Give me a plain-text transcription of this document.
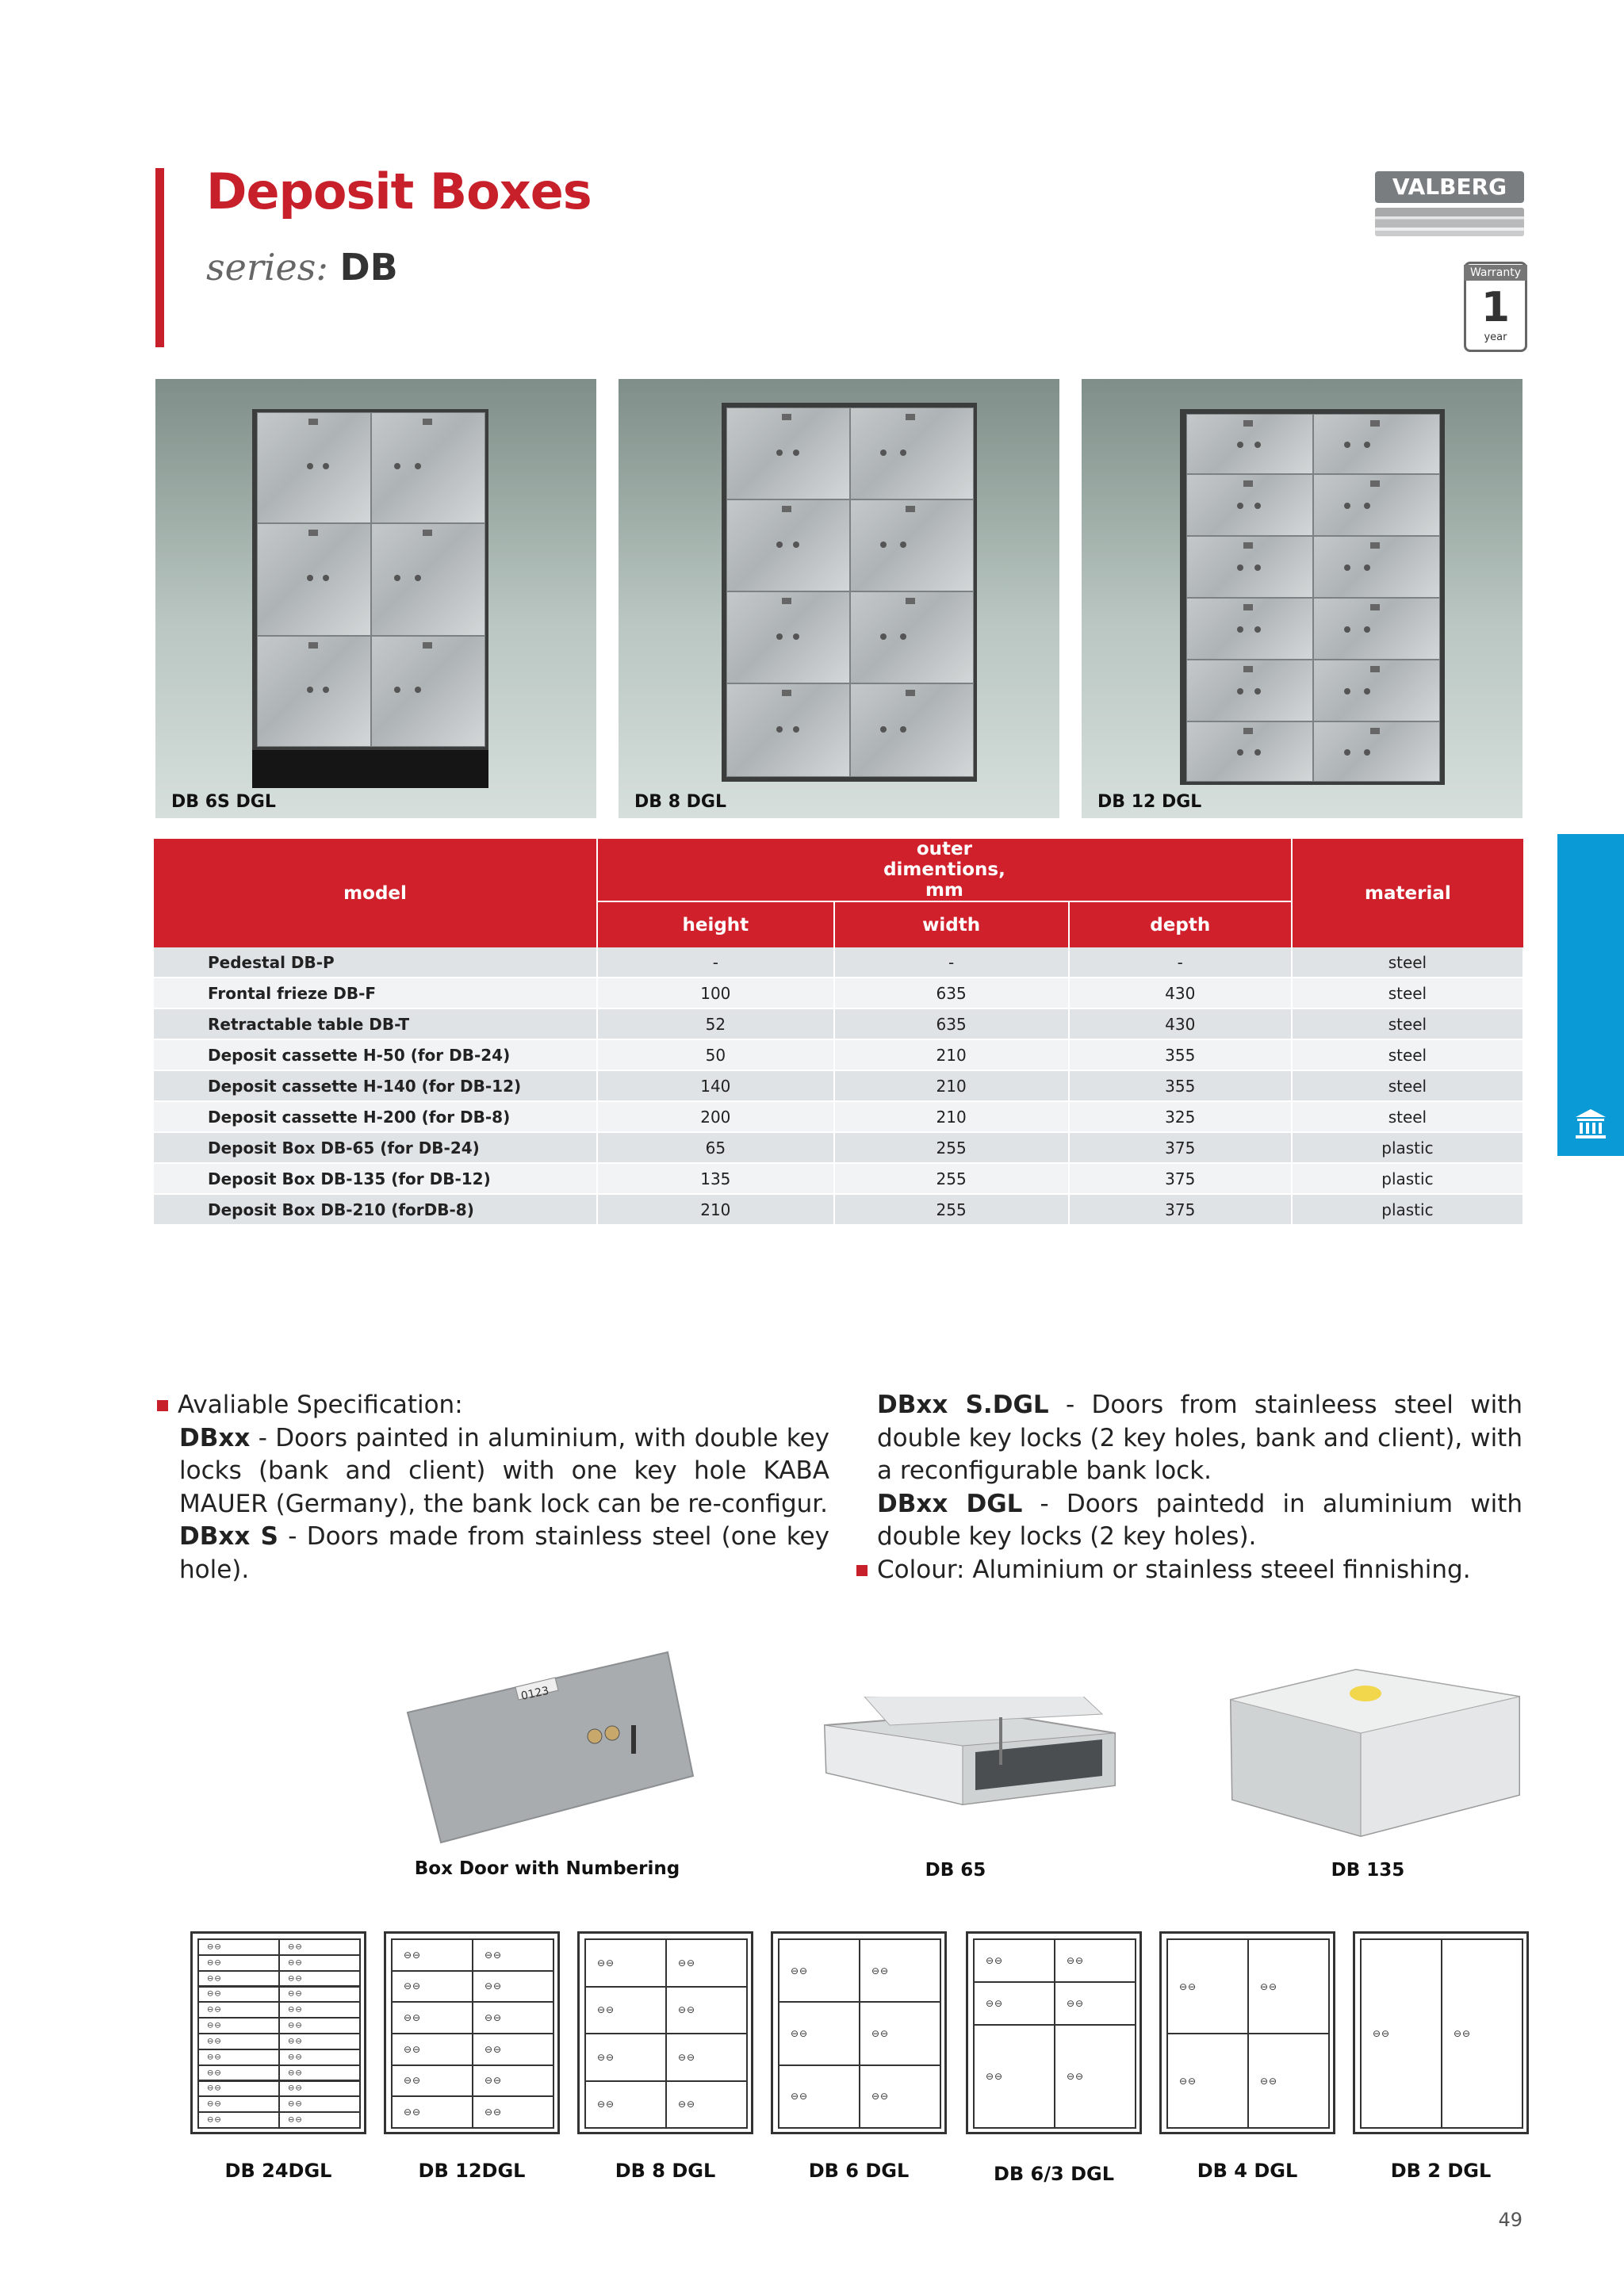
Deposit Boxes
series: DB
VALBERG
Warranty
1
year
DB 6S DGL	DB 8 DGL	DB 12 DGL
model	outer dimentions, mm			material
	height	width	depth	
Pedestal DB-P	-	-	-	steel
Frontal frieze DB-F	100	635	430	steel
Retractable table DB-T	52	635	430	steel
Deposit cassette H-50 (for DB-24)	50	210	355	steel
Deposit cassette H-140 (for DB-12)	140	210	355	steel
Deposit cassette H-200 (for DB-8)	200	210	325	steel
Deposit Box DB-65 (for DB-24)	65	255	375	plastic
Deposit Box DB-135 (for DB-12)	135	255	375	plastic
Deposit Box DB-210 (forDB-8)	210	255	375	plastic
Avaliable Specification:
DBxx - Doors painted in aluminium, with double key locks (bank and client) with one key hole KABA MAUER (Germany), the bank lock can be re-configur.
DBxx S - Doors made from stainless steel (one key hole).
DBxx S.DGL - Doors from stainleess steel with double key locks (2 key holes, bank and client), with a reconfigurable bank lock.
DBxx DGL - Doors paintedd in aluminium with double key locks (2 key holes).
Colour: Aluminium or stainless steeel finnishing.
0123
Box Door with Numbering	DB 65	DB 135
⊖⊖	⊖⊖
⊖⊖	⊖⊖
⊖⊖	⊖⊖
⊖⊖	⊖⊖
⊖⊖	⊖⊖
⊖⊖	⊖⊖
⊖⊖	⊖⊖
⊖⊖	⊖⊖
⊖⊖	⊖⊖
⊖⊖	⊖⊖
⊖⊖	⊖⊖
⊖⊖	⊖⊖
DB 24DGL
⊖⊖	⊖⊖
⊖⊖	⊖⊖
⊖⊖	⊖⊖
⊖⊖	⊖⊖
⊖⊖	⊖⊖
⊖⊖	⊖⊖
DB 12DGL
⊖⊖	⊖⊖
⊖⊖	⊖⊖
⊖⊖	⊖⊖
⊖⊖	⊖⊖
DB 8 DGL
⊖⊖	⊖⊖
⊖⊖	⊖⊖
⊖⊖	⊖⊖
DB 6 DGL
⊖⊖	⊖⊖
⊖⊖	⊖⊖
⊖⊖	⊖⊖
DB 6/3 DGL
⊖⊖	⊖⊖
⊖⊖	⊖⊖
DB 4 DGL
⊖⊖	⊖⊖
DB 2 DGL
49
